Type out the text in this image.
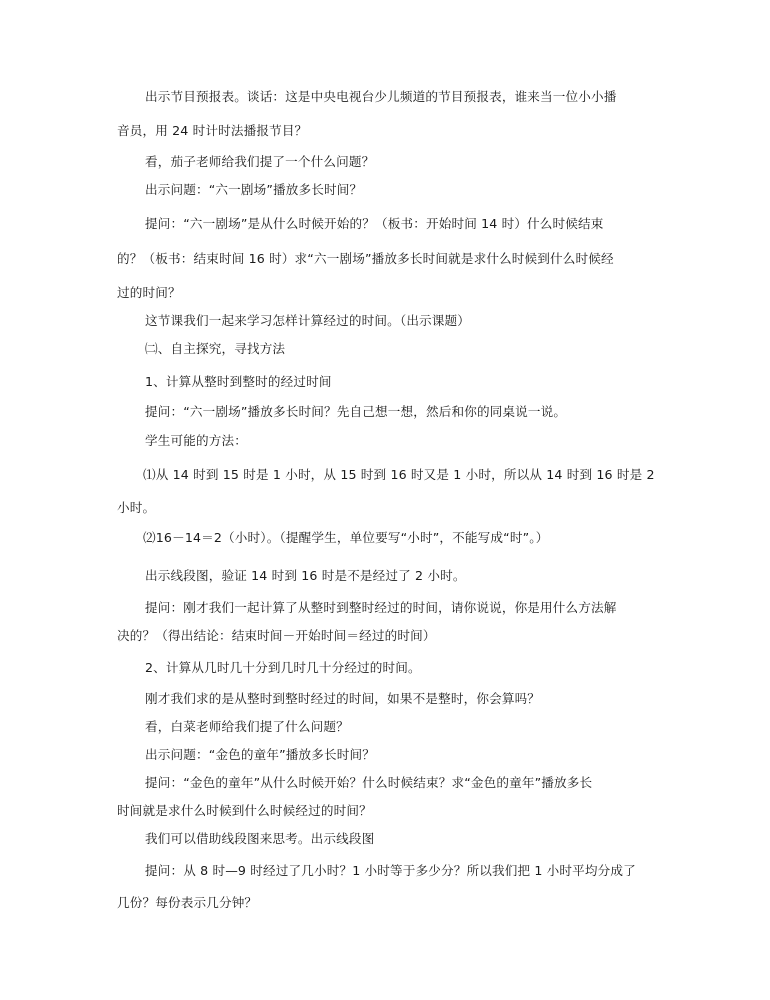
出示节目预报表。谈话：这是中央电视台少儿频道的节目预报表，谁来当一位小小播
音员，用 24 时计时法播报节目？
看，茄子老师给我们提了一个什么问题？
出示问题：“六一剧场”播放多长时间？
提问：“六一剧场”是从什么时候开始的？（板书：开始时间 14 时）什么时候结束
的？（板书：结束时间 16 时）求“六一剧场”播放多长时间就是求什么时候到什么时候经
过的时间？
这节课我们一起来学习怎样计算经过的时间。（出示课题）
㈡、自主探究，寻找方法
1、计算从整时到整时的经过时间
提问：“六一剧场”播放多长时间？先自己想一想，然后和你的同桌说一说。
学生可能的方法：
⑴从 14 时到 15 时是 1 小时，从 15 时到 16 时又是 1 小时，所以从 14 时到 16 时是 2
小时。
⑵16－14＝2（小时）。（提醒学生，单位要写“小时”，不能写成“时”。）
出示线段图，验证 14 时到 16 时是不是经过了 2 小时。
提问：刚才我们一起计算了从整时到整时经过的时间，请你说说，你是用什么方法解
决的？（得出结论：结束时间－开始时间＝经过的时间）
2、计算从几时几十分到几时几十分经过的时间。
刚才我们求的是从整时到整时经过的时间，如果不是整时，你会算吗？
看，白菜老师给我们提了什么问题？
出示问题：“金色的童年”播放多长时间？
提问：“金色的童年”从什么时候开始？什么时候结束？求“金色的童年”播放多长
时间就是求什么时候到什么时候经过的时间？
我们可以借助线段图来思考。出示线段图
提问：从 8 时—9 时经过了几小时？1 小时等于多少分？所以我们把 1 小时平均分成了
几份？每份表示几分钟？
